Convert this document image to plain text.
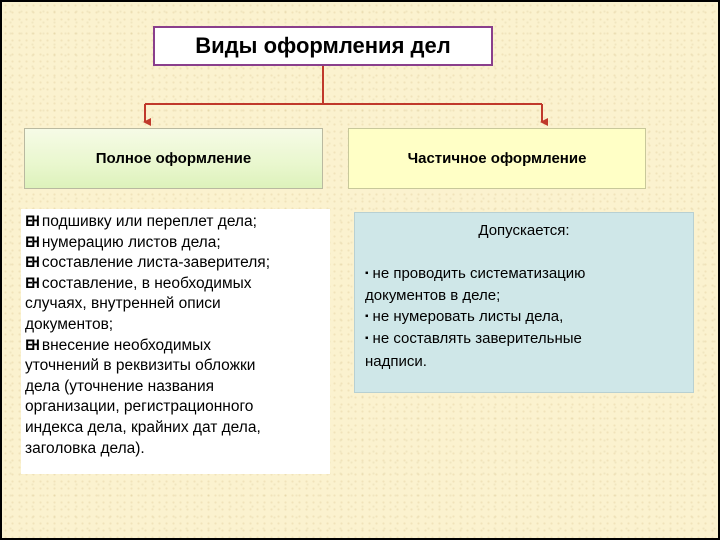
Виды оформления дел
Полное оформление	Частичное оформление
ЕН подшивку или переплет дела;
ЕН нумерацию листов дела;
ЕН составление листа-заверителя;
ЕН составление, в необходимых
случаях, внутренней описи
документов;
ЕН внесение необходимых
уточнений в реквизиты обложки
дела (уточнение названия
организации, регистрационного
индекса дела, крайних дат дела,
заголовка дела).
Допускается:
▪ не проводить систематизацию
документов в деле;
▪ не нумеровать листы дела,
▪ не составлять заверительные
надписи.
